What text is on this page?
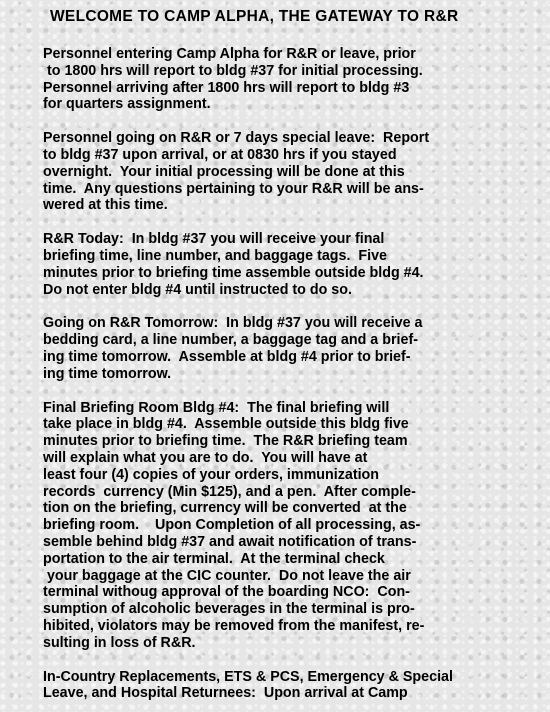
WELCOME TO CAMP ALPHA, THE GATEWAY TO R&R
Personnel entering Camp Alpha for R&R or leave, prior
to 1800 hrs will report to bldg #37 for initial processing.
Personnel arriving after 1800 hrs will report to bldg #3
for quarters assignment.
Personnel going on R&R or 7 days special leave:  Report
to bldg #37 upon arrival, or at 0830 hrs if you stayed
overnight.  Your initial processing will be done at this
time.  Any questions pertaining to your R&R will be ans-
wered at this time.
R&R Today:  In bldg #37 you will receive your final
briefing time, line number, and baggage tags.  Five
minutes prior to briefing time assemble outside bldg #4.
Do not enter bldg #4 until instructed to do so.
Going on R&R Tomorrow:  In bldg #37 you will receive a
bedding card, a line number, a baggage tag and a brief-
ing time tomorrow.  Assemble at bldg #4 prior to brief-
ing time tomorrow.
Final Briefing Room Bldg #4:  The final briefing will
take place in bldg #4.  Assemble outside this bldg five
minutes prior to briefing time.  The R&R briefing team
will explain what you are to do.  You will have at
least four (4) copies of your orders, immunization
records  currency (Min $125), and a pen.  After comple-
tion on the briefing, currency will be converted  at the
briefing room.    Upon Completion of all processing, as-
semble behind bldg #37 and await notification of trans-
portation to the air terminal.  At the terminal check
your baggage at the CIC counter.  Do not leave the air
terminal withoug approval of the boarding NCO:  Con-
sumption of alcoholic beverages in the terminal is pro-
hibited, violators may be removed from the manifest, re-
sulting in loss of R&R.
In-Country Replacements, ETS & PCS, Emergency & Special
Leave, and Hospital Returnees:  Upon arrival at Camp
